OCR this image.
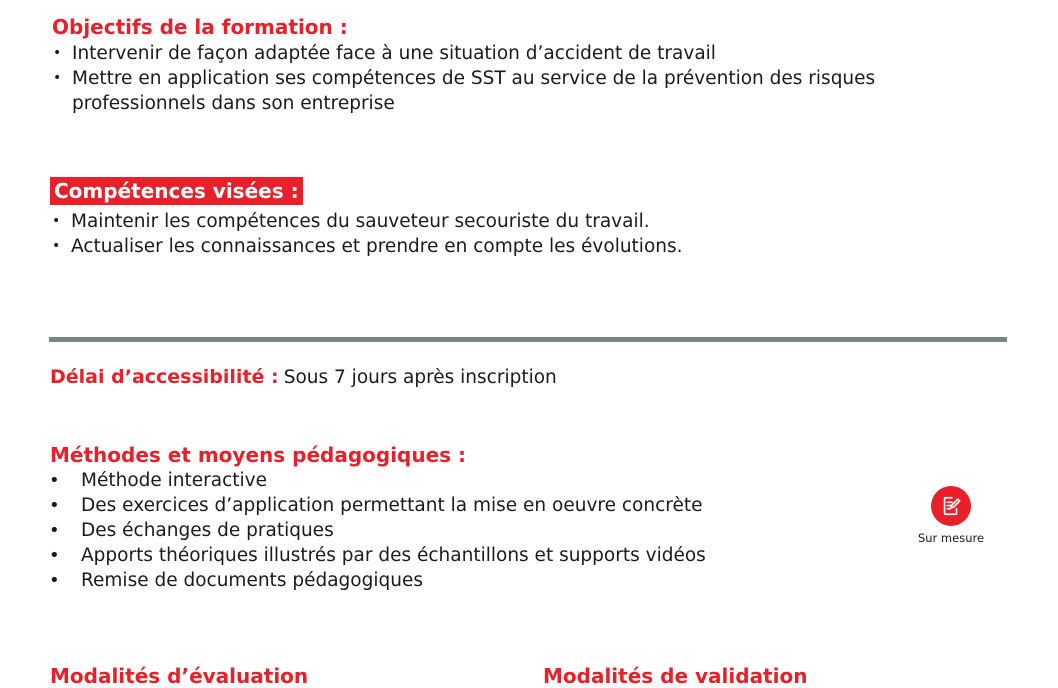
Objectifs de la formation :
• Intervenir de façon adaptée face à une situation d’accident de travail
• Mettre en application ses compétences de SST au service de la prévention des risques professionnels dans son entreprise
Compétences visées :
• Maintenir les compétences du sauveteur secouriste du travail.
• Actualiser les connaissances et prendre en compte les évolutions.
Délai d’accessibilité : Sous 7 jours après inscription
Méthodes et moyens pédagogiques :
• Méthode interactive
• Des exercices d’application permettant la mise en oeuvre concrète
• Des échanges de pratiques
• Apports théoriques illustrés par des échantillons et supports vidéos
• Remise de documents pédagogiques
Sur mesure
Modalités d’évaluation	Modalités de validation
